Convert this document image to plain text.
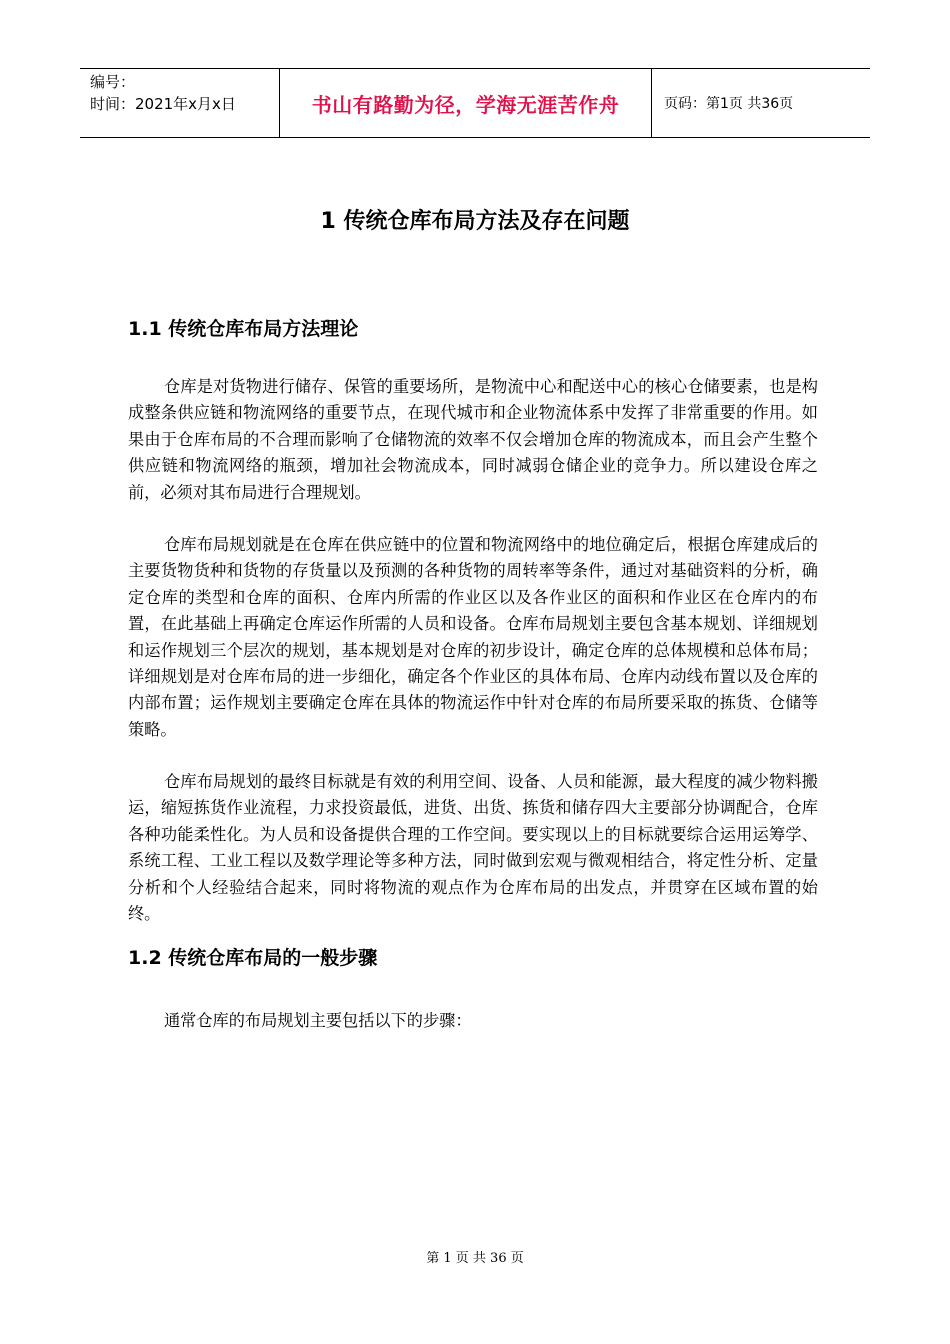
编号：
时间：2021年x月x日	书山有路勤为径，学海无涯苦作舟	页码：第1页 共36页
1 传统仓库布局方法及存在问题
1.1 传统仓库布局方法理论

仓库是对货物进行储存、保管的重要场所，是物流中心和配送中心的核心仓储要素，也是构成整条供应链和物流网络的重要节点，在现代城市和企业物流体系中发挥了非常重要的作用。如果由于仓库布局的不合理而影响了仓储物流的效率不仅会增加仓库的物流成本，而且会产生整个供应链和物流网络的瓶颈，增加社会物流成本，同时减弱仓储企业的竞争力。所以建设仓库之前，必须对其布局进行合理规划。

仓库布局规划就是在仓库在供应链中的位置和物流网络中的地位确定后，根据仓库建成后的主要货物货种和货物的存货量以及预测的各种货物的周转率等条件，通过对基础资料的分析，确定仓库的类型和仓库的面积、仓库内所需的作业区以及各作业区的面积和作业区在仓库内的布置，在此基础上再确定仓库运作所需的人员和设备。仓库布局规划主要包含基本规划、详细规划和运作规划三个层次的规划，基本规划是对仓库的初步设计，确定仓库的总体规模和总体布局；详细规划是对仓库布局的进一步细化，确定各个作业区的具体布局、仓库内动线布置以及仓库的内部布置；运作规划主要确定仓库在具体的物流运作中针对仓库的布局所要采取的拣货、仓储等策略。

仓库布局规划的最终目标就是有效的利用空间、设备、人员和能源，最大程度的减少物料搬运，缩短拣货作业流程，力求投资最低，进货、出货、拣货和储存四大主要部分协调配合，仓库各种功能柔性化。为人员和设备提供合理的工作空间。要实现以上的目标就要综合运用运筹学、系统工程、工业工程以及数学理论等多种方法，同时做到宏观与微观相结合，将定性分析、定量分析和个人经验结合起来，同时将物流的观点作为仓库布局的出发点，并贯穿在区域布置的始终。

1.2 传统仓库布局的一般步骤

通常仓库的布局规划主要包括以下的步骤：

第 1 页 共 36 页
